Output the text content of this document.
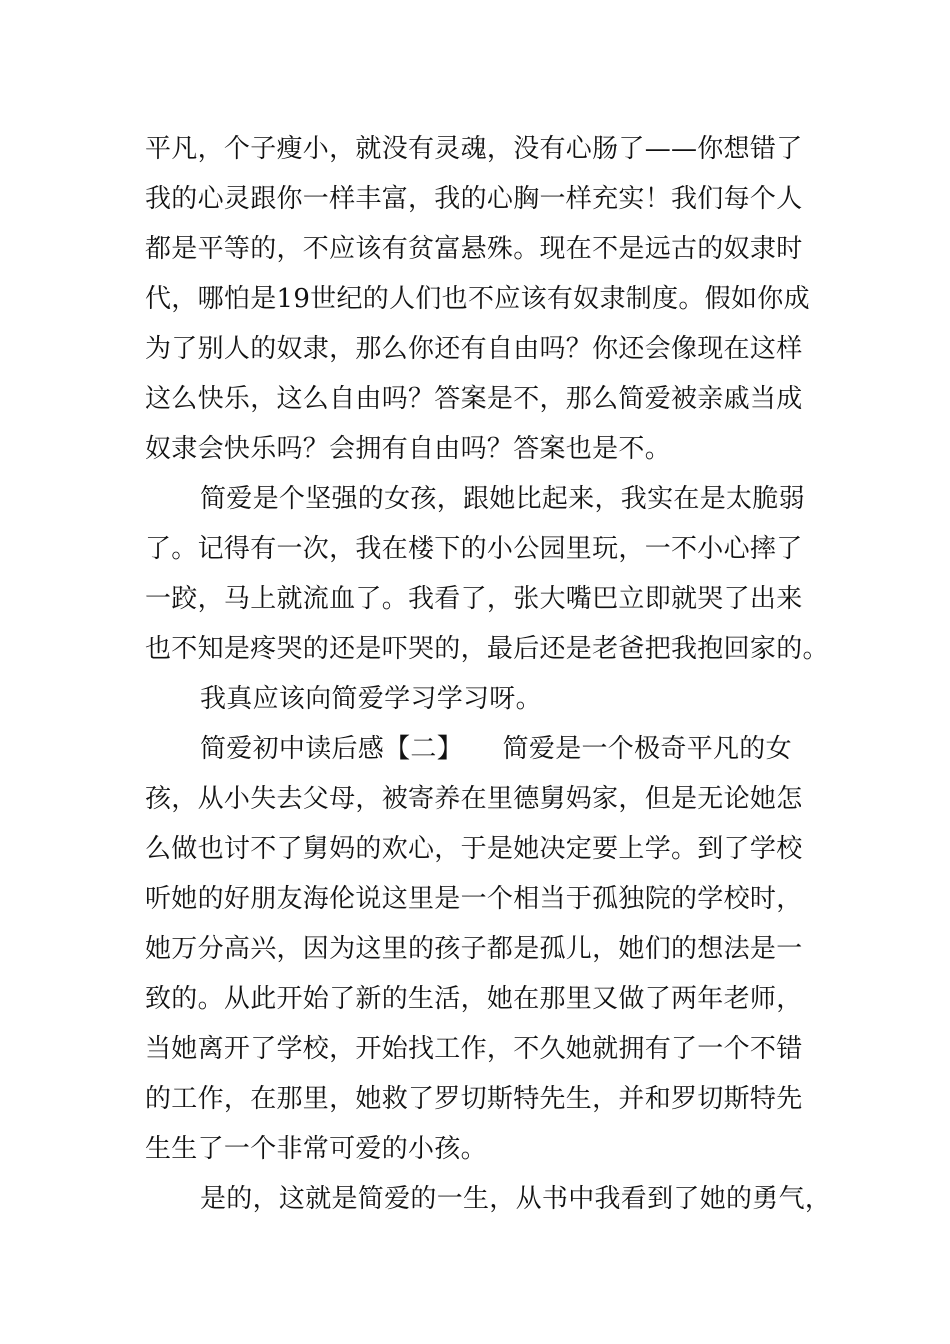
平凡，个子瘦小，就没有灵魂，没有心肠了——你想错了
我的心灵跟你一样丰富，我的心胸一样充实！我们每个人
都是平等的，不应该有贫富悬殊。现在不是远古的奴隶时
代，哪怕是19世纪的人们也不应该有奴隶制度。假如你成
为了别人的奴隶，那么你还有自由吗？你还会像现在这样
这么快乐，这么自由吗？答案是不，那么简爱被亲戚当成
奴隶会快乐吗？会拥有自由吗？答案也是不。
简爱是个坚强的女孩，跟她比起来，我实在是太脆弱
了。记得有一次，我在楼下的小公园里玩，一不小心摔了
一跤，马上就流血了。我看了，张大嘴巴立即就哭了出来
也不知是疼哭的还是吓哭的，最后还是老爸把我抱回家的。
我真应该向简爱学习学习呀。
简爱初中读后感【二】　　简爱是一个极奇平凡的女
孩，从小失去父母，被寄养在里德舅妈家，但是无论她怎
么做也讨不了舅妈的欢心，于是她决定要上学。到了学校
听她的好朋友海伦说这里是一个相当于孤独院的学校时，
她万分高兴，因为这里的孩子都是孤儿，她们的想法是一
致的。从此开始了新的生活，她在那里又做了两年老师，
当她离开了学校，开始找工作，不久她就拥有了一个不错
的工作，在那里，她救了罗切斯特先生，并和罗切斯特先
生生了一个非常可爱的小孩。
是的，这就是简爱的一生，从书中我看到了她的勇气，
